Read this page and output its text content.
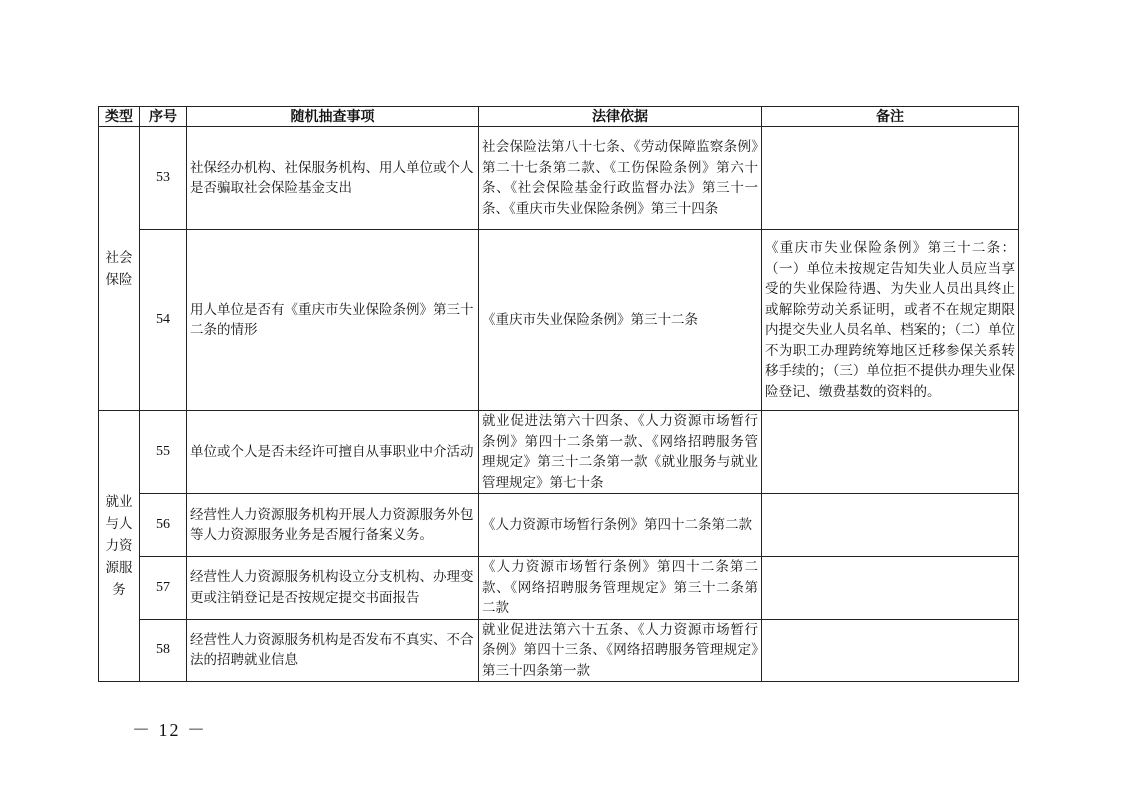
类型	序号	随机抽查事项	法律依据	备注

社会
保险	53	社保经办机构、社保服务机构、用人单位或个人是否骗取社会保险基金支出	社会保险法第八十七条、《劳动保障监察条例》第二十七条第二款、《工伤保险条例》第六十条、《社会保险基金行政监督办法》第三十一条、《重庆市失业保险条例》第三十四条	
	54	用人单位是否有《重庆市失业保险条例》第三十二条的情形	《重庆市失业保险条例》第三十二条	《重庆市失业保险条例》第三十二条：（一）单位未按规定告知失业人员应当享受的失业保险待遇、为失业人员出具终止或解除劳动关系证明，或者不在规定期限内提交失业人员名单、档案的；（二）单位不为职工办理跨统筹地区迁移参保关系转移手续的；（三）单位拒不提供办理失业保险登记、缴费基数的资料的。

就业
与人
力资
源服
务	55	单位或个人是否未经许可擅自从事职业中介活动	就业促进法第六十四条、《人力资源市场暂行条例》第四十二条第一款、《网络招聘服务管理规定》第三十二条第一款《就业服务与就业管理规定》第七十条	
	56	经营性人力资源服务机构开展人力资源服务外包等人力资源服务业务是否履行备案义务。	《人力资源市场暂行条例》第四十二条第二款	
	57	经营性人力资源服务机构设立分支机构、办理变更或注销登记是否按规定提交书面报告	《人力资源市场暂行条例》第四十二条第二款、《网络招聘服务管理规定》第三十二条第二款	
	58	经营性人力资源服务机构是否发布不真实、不合法的招聘就业信息	就业促进法第六十五条、《人力资源市场暂行条例》第四十三条、《网络招聘服务管理规定》第三十四条第一款	
－ 12 －
